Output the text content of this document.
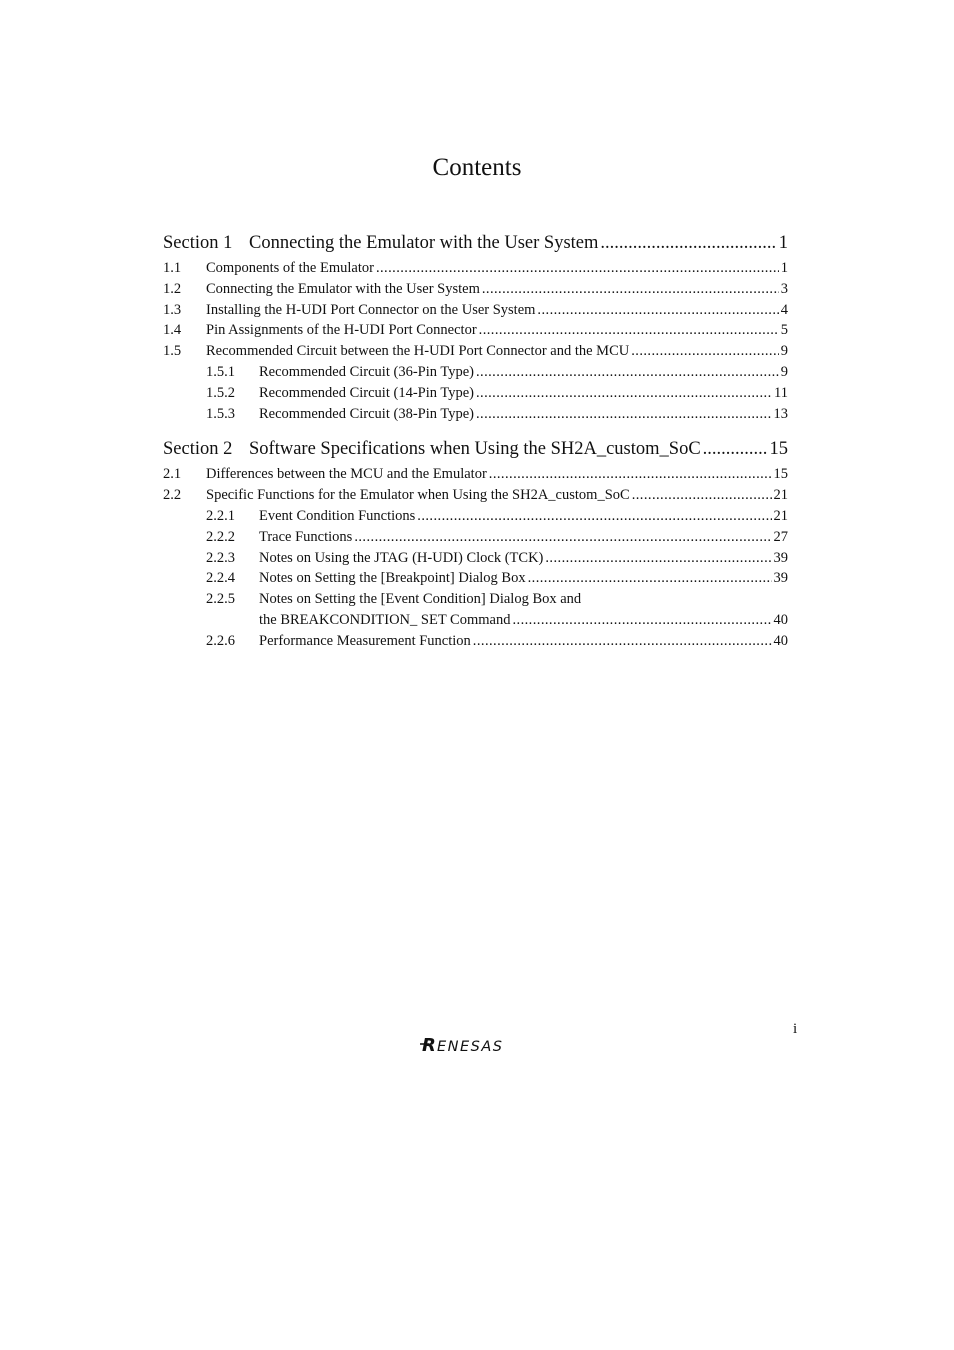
Contents
Section 1 Connecting the Emulator with the User System .....	1
1.1	Components of the Emulator . . .	1
1.2	Connecting the Emulator with the User System . . .	3
1.3	Installing the H-UDI Port Connector on the User System . . .	4
1.4	Pin Assignments of the H-UDI Port Connector . . .	5
1.5	Recommended Circuit between the H-UDI Port Connector and the MCU . . .	9
1.5.1	Recommended Circuit (36-Pin Type) . . .	9
1.5.2	Recommended Circuit (14-Pin Type) . . .	11
1.5.3	Recommended Circuit (38-Pin Type) . . .	13
Section 2 Software Specifications when Using the SH2A_custom_SoC .....	15
2.1	Differences between the MCU and the Emulator . . .	15
2.2	Specific Functions for the Emulator when Using the SH2A_custom_SoC . . .	21
2.2.1	Event Condition Functions . . .	21
2.2.2	Trace Functions . . .	27
2.2.3	Notes on Using the JTAG (H-UDI) Clock (TCK) . . .	39
2.2.4	Notes on Setting the [Breakpoint] Dialog Box . . .	39
2.2.5	Notes on Setting the [Event Condition] Dialog Box and
the BREAKCONDITION_ SET Command . . .	40
2.2.6	Performance Measurement Function . . .	40
i
R ENESAS
